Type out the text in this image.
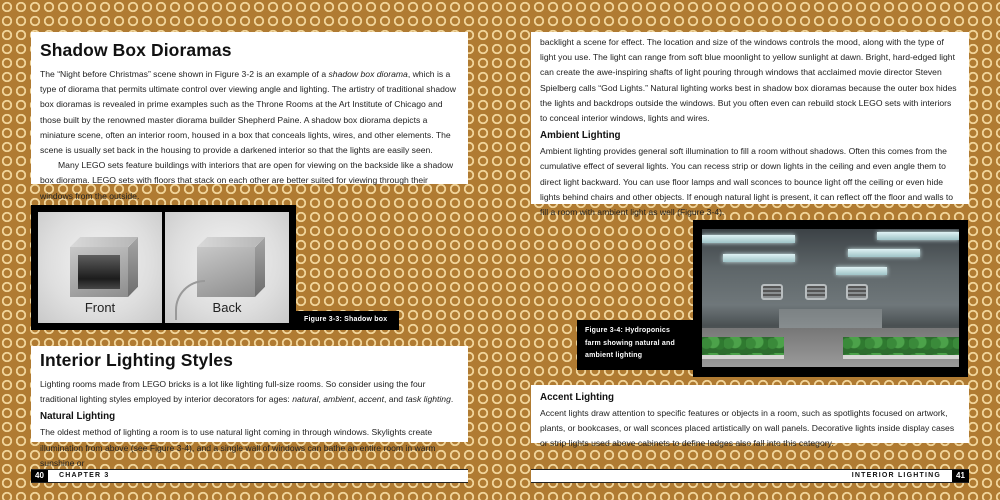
Shadow Box Dioramas

The “Night before Christmas” scene shown in Figure 3-2 is an example of a shadow box diorama, which is a type of diorama that permits ultimate control over viewing angle and lighting. The artistry of traditional shadow box dioramas is revealed in prime examples such as the Throne Rooms at the Art Institute of Chicago and those built by the renowned master diorama builder Shepherd Paine. A shadow box diorama depicts a miniature scene, often an interior room, housed in a box that conceals lights, wires, and other elements. The scene is usually set back in the housing to provide a darkened interior so that the lights are easily seen.

Many LEGO sets feature buildings with interiors that are open for viewing on the backside like a shadow box diorama. LEGO sets with floors that stack on each other are better suited for viewing through their windows from the outside.

Front	Back
Figure 3-3: Shadow box
Interior Lighting Styles

Lighting rooms made from LEGO bricks is a lot like lighting full-size rooms. So consider using the four traditional lighting styles employed by interior decorators for ages: natural, ambient, accent, and task lighting.

Natural Lighting

The oldest method of lighting a room is to use natural light coming in through windows. Skylights create illumination from above (see Figure 3-4), and a single wall of windows can bathe an entire room in warm sunshine or

40	CHAPTER 3

backlight a scene for effect. The location and size of the windows controls the mood, along with the type of light you use. The light can range from soft blue moonlight to yellow sunlight at dawn. Bright, hard-edged light can create the awe-inspiring shafts of light pouring through windows that acclaimed movie director Steven Spielberg calls “God Lights.” Natural lighting works best in shadow box dioramas because the outer box hides the lights and backdrops outside the windows. But you often even can rebuild stock LEGO sets with interiors to conceal interior windows, lights and wires.

Ambient Lighting

Ambient lighting provides general soft illumination to fill a room without shadows. Often this comes from the cumulative effect of several lights. You can recess strip or down lights in the ceiling and even angle them to direct light backward. You can use floor lamps and wall sconces to bounce light off the ceiling or even hide lights behind chairs and other objects. If enough natural light is present, it can reflect off the floor and walls to fill a room with ambient light as well (Figure 3-4).

Figure 3-4: Hydroponics farm showing natural and ambient lighting
Accent Lighting

Accent lights draw attention to specific features or objects in a room, such as spotlights focused on artwork, plants, or bookcases, or wall sconces placed artistically on wall panels. Decorative lights inside display cases or strip lights used above cabinets to define ledges also fall into this category.

INTERIOR LIGHTING	41
